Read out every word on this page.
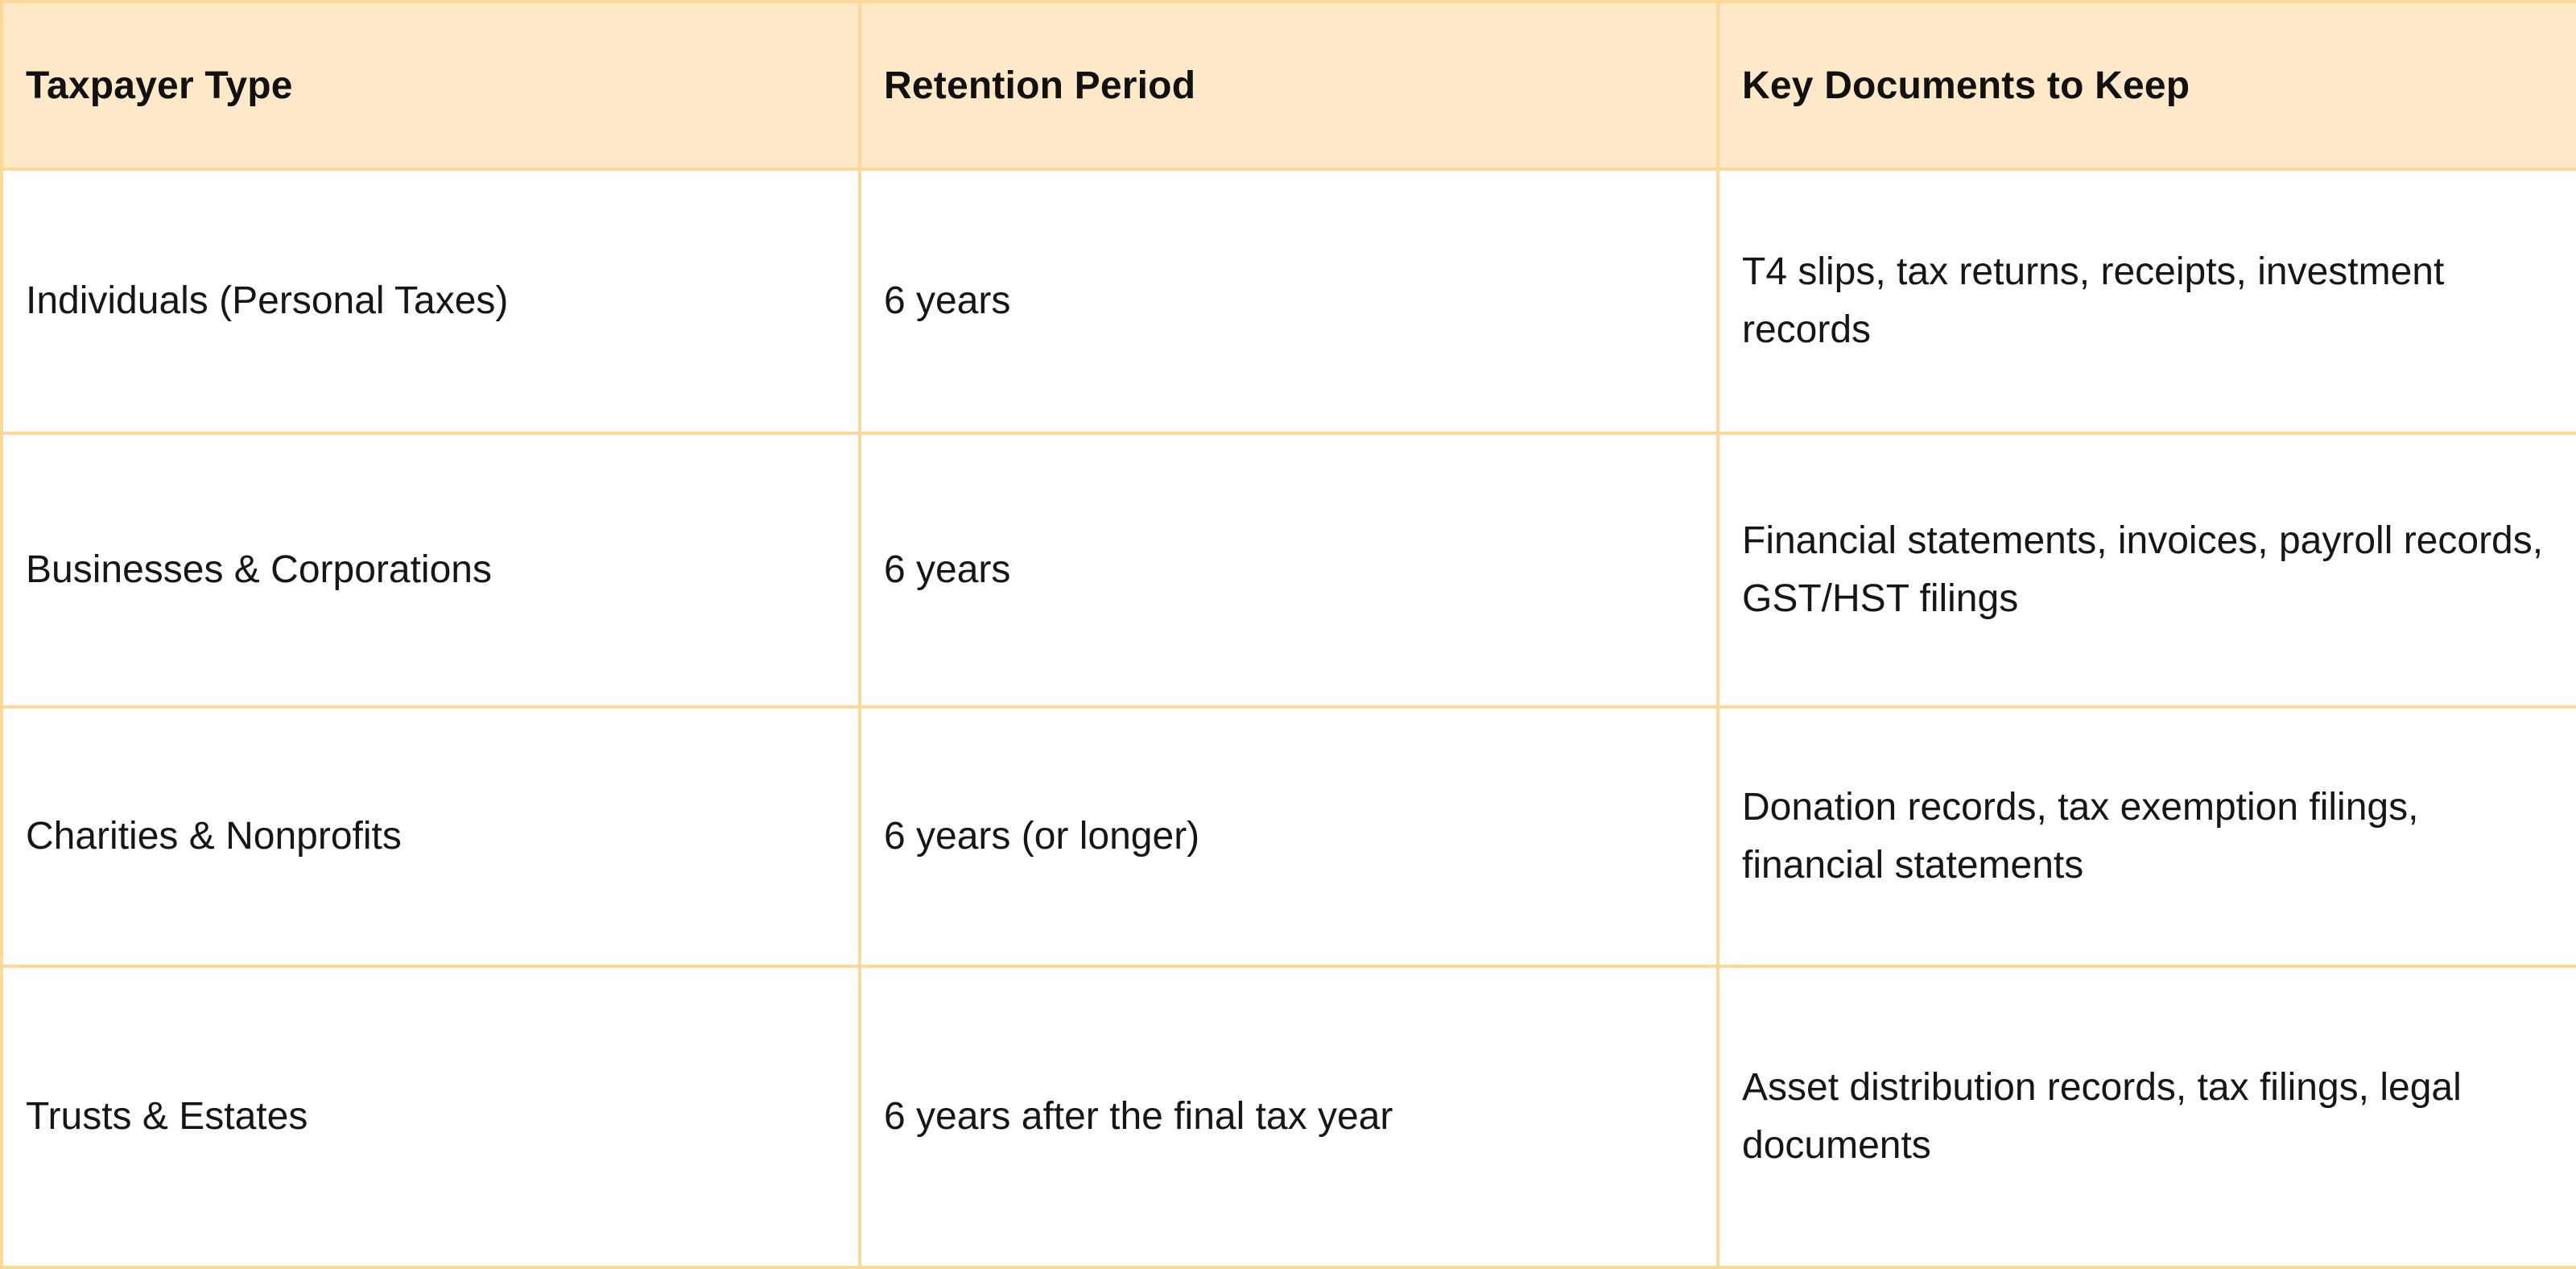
Taxpayer Type	Retention Period	Key Documents to Keep
Individuals (Personal Taxes)	6 years	T4 slips, tax returns, receipts, investment records
Businesses & Corporations	6 years	Financial statements, invoices, payroll records, GST/HST filings
Charities & Nonprofits	6 years (or longer)	Donation records, tax exemption filings, financial statements
Trusts & Estates	6 years after the final tax year	Asset distribution records, tax filings, legal documents
